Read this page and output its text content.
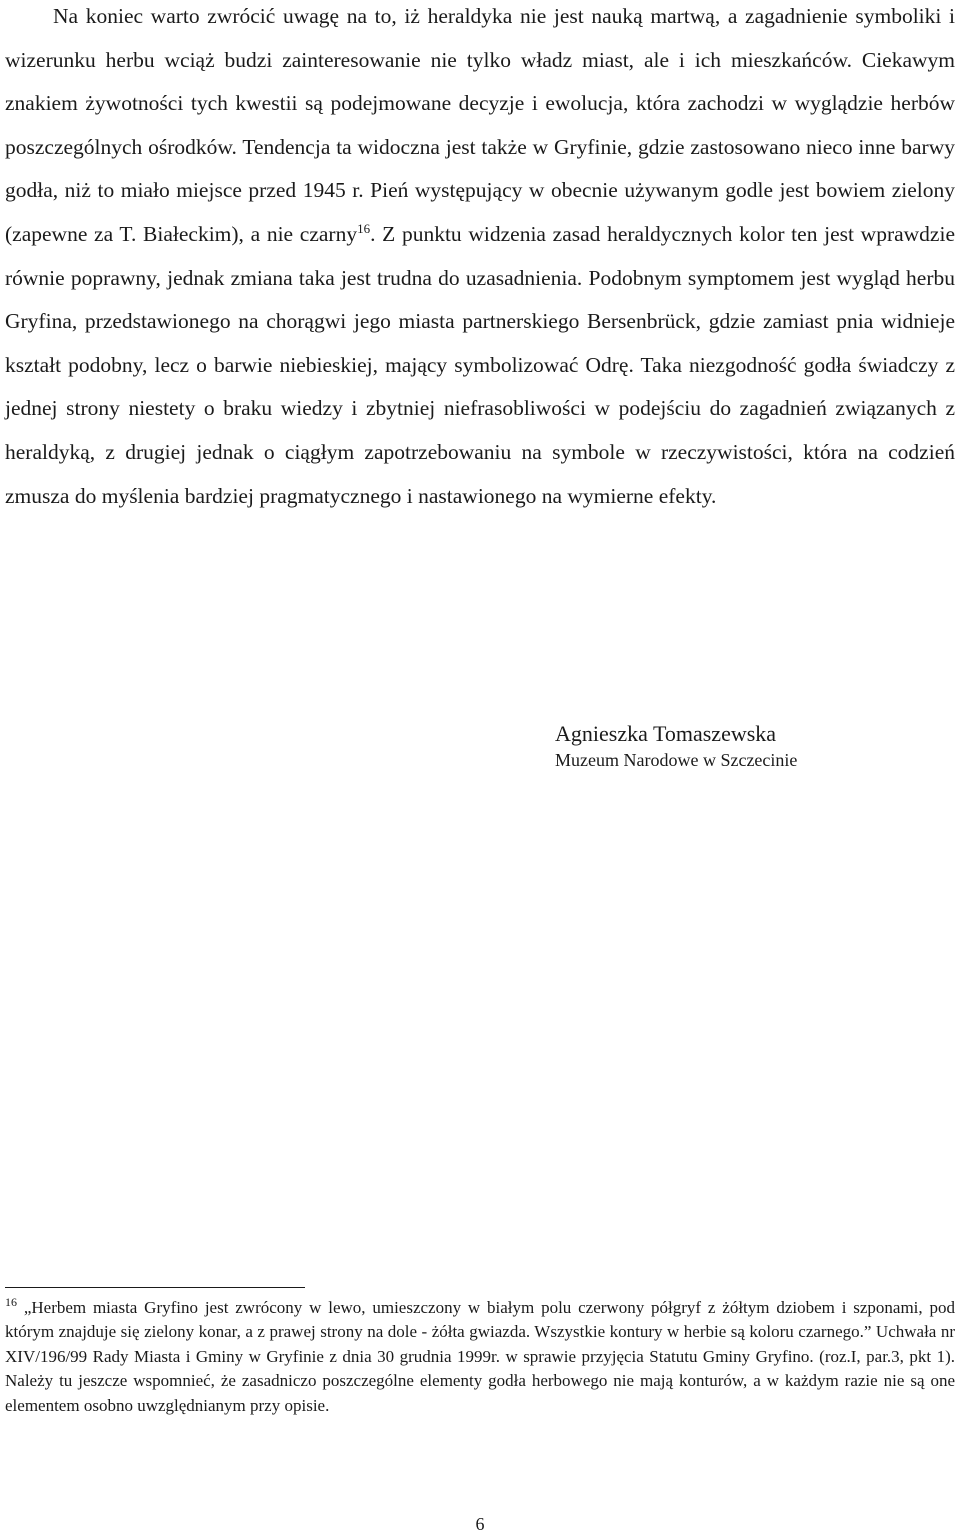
Na koniec warto zwrócić uwagę na to, iż heraldyka nie jest nauką martwą, a zagadnienie symboliki i wizerunku herbu wciąż budzi zainteresowanie nie tylko władz miast, ale i ich mieszkańców. Ciekawym znakiem żywotności tych kwestii są podejmowane decyzje i ewolucja, która zachodzi w wyglądzie herbów poszczególnych ośrodków. Tendencja ta widoczna jest także w Gryfinie, gdzie zastosowano nieco inne barwy godła, niż to miało miejsce przed 1945 r. Pień występujący w obecnie używanym godle jest bowiem zielony (zapewne za T. Białeckim), a nie czarny$^{16}$. Z punktu widzenia zasad heraldycznych kolor ten jest wprawdzie równie poprawny, jednak zmiana taka jest trudna do uzasadnienia. Podobnym symptomem jest wygląd herbu Gryfina, przedstawionego na chorągwi jego miasta partnerskiego Bersenbrück, gdzie zamiast pnia widnieje kształt podobny, lecz o barwie niebieskiej, mający symbolizować Odrę. Taka niezgodność godła świadczy z jednej strony niestety o braku wiedzy i zbytniej niefrasobliwości w podejściu do zagadnień związanych z heraldyką, z drugiej jednak o ciągłym zapotrzebowaniu na symbole w rzeczywistości, która na codzień zmusza do myślenia bardziej pragmatycznego i nastawionego na wymierne efekty.

Agnieszka Tomaszewska
Muzeum Narodowe w Szczecinie

$^{16}$ „Herbem miasta Gryfino jest zwrócony w lewo, umieszczony w białym polu czerwony półgryf z żółtym dziobem i szponami, pod którym znajduje się zielony konar, a z prawej strony na dole - żółta gwiazda. Wszystkie kontury w herbie są koloru czarnego.” Uchwała nr XIV/196/99 Rady Miasta i Gminy w Gryfinie z dnia 30 grudnia 1999r. w sprawie przyjęcia Statutu Gminy Gryfino. (roz.I, par.3, pkt 1). Należy tu jeszcze wspomnieć, że zasadniczo poszczególne elementy godła herbowego nie mają konturów, a w każdym razie nie są one elementem osobno uwzględnianym przy opisie.

6
